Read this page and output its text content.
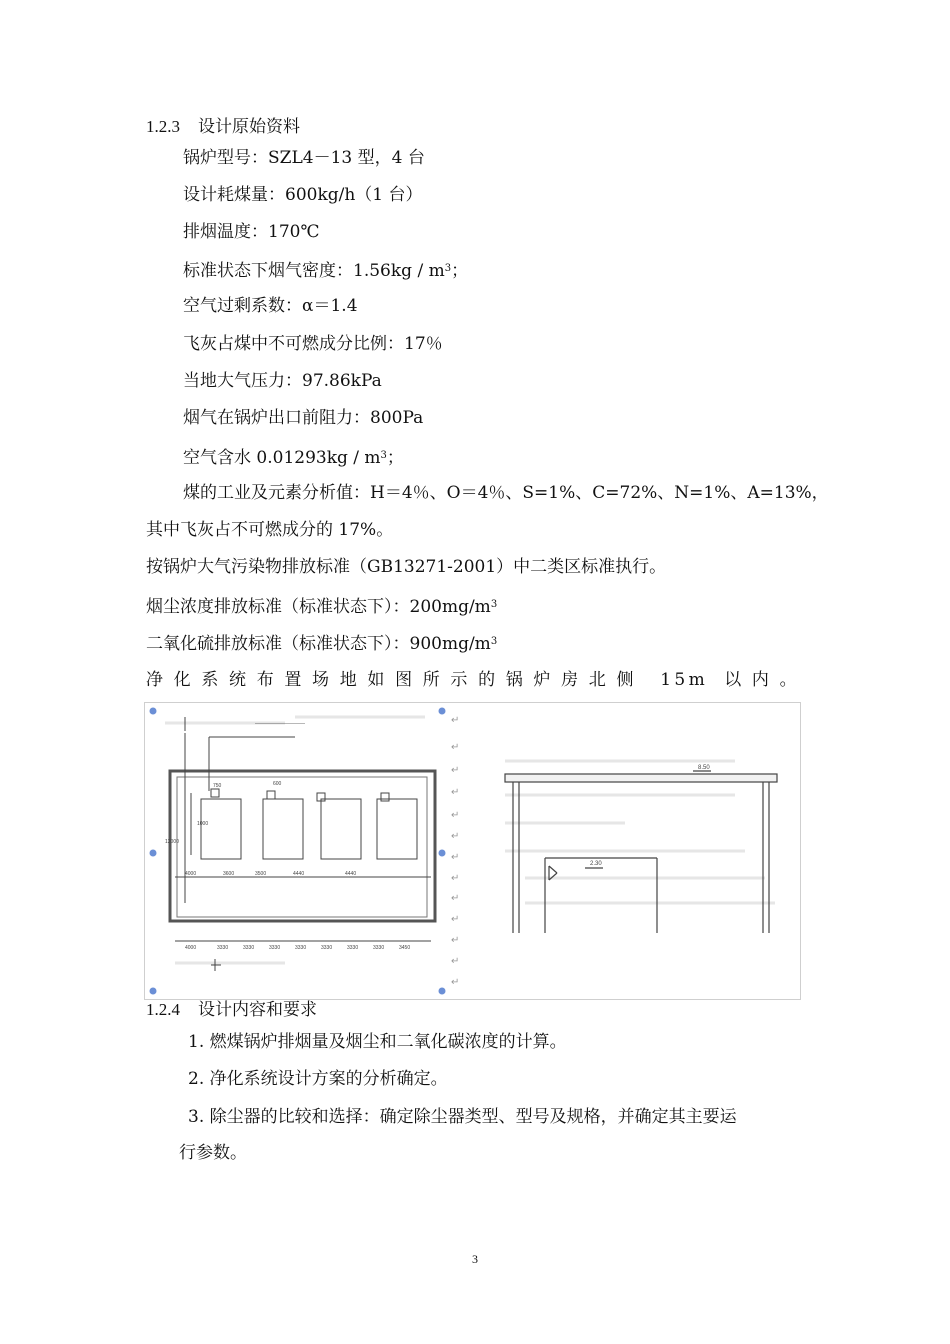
1.2.3 设计原始资料
锅炉型号：SZL4－13 型，4 台
设计耗煤量：600kg/h（1 台）
排烟温度：170℃
标准状态下烟气密度：$1.56kg / m^3$；
空气过剩系数：α＝1.4
飞灰占煤中不可燃成分比例：17％
当地大气压力：97.86kPa
烟气在锅炉出口前阻力：800Pa
空气含水 $0.01293kg / m^3$；
煤的工业及元素分析值：H＝4％、O＝4％、S=1%、C=72%、N=1%、A=13%，
其中飞灰占不可燃成分的 17%。
按锅炉大气污染物排放标准（GB13271-2001）中二类区标准执行。
烟尘浓度排放标准（标准状态下）：$200mg/m^3$
二氧化硫排放标准（标准状态下）：$900mg/m^3$
净化系统布置场地如图所示的锅炉房北侧 15m 以内。
——————————
750	600
1000
12000
4000	3600	3500	4440	4440
4000	3330	3330	3330	3330	3330	3330	3330	3450
↵
↵
↵
↵
↵
↵
↵
↵
↵
↵
↵
↵
↵
8.50
2.30
1.2.4 设计内容和要求
1. 燃煤锅炉排烟量及烟尘和二氧化碳浓度的计算。
2. 净化系统设计方案的分析确定。
3. 除尘器的比较和选择：确定除尘器类型、型号及规格，并确定其主要运
行参数。
3
